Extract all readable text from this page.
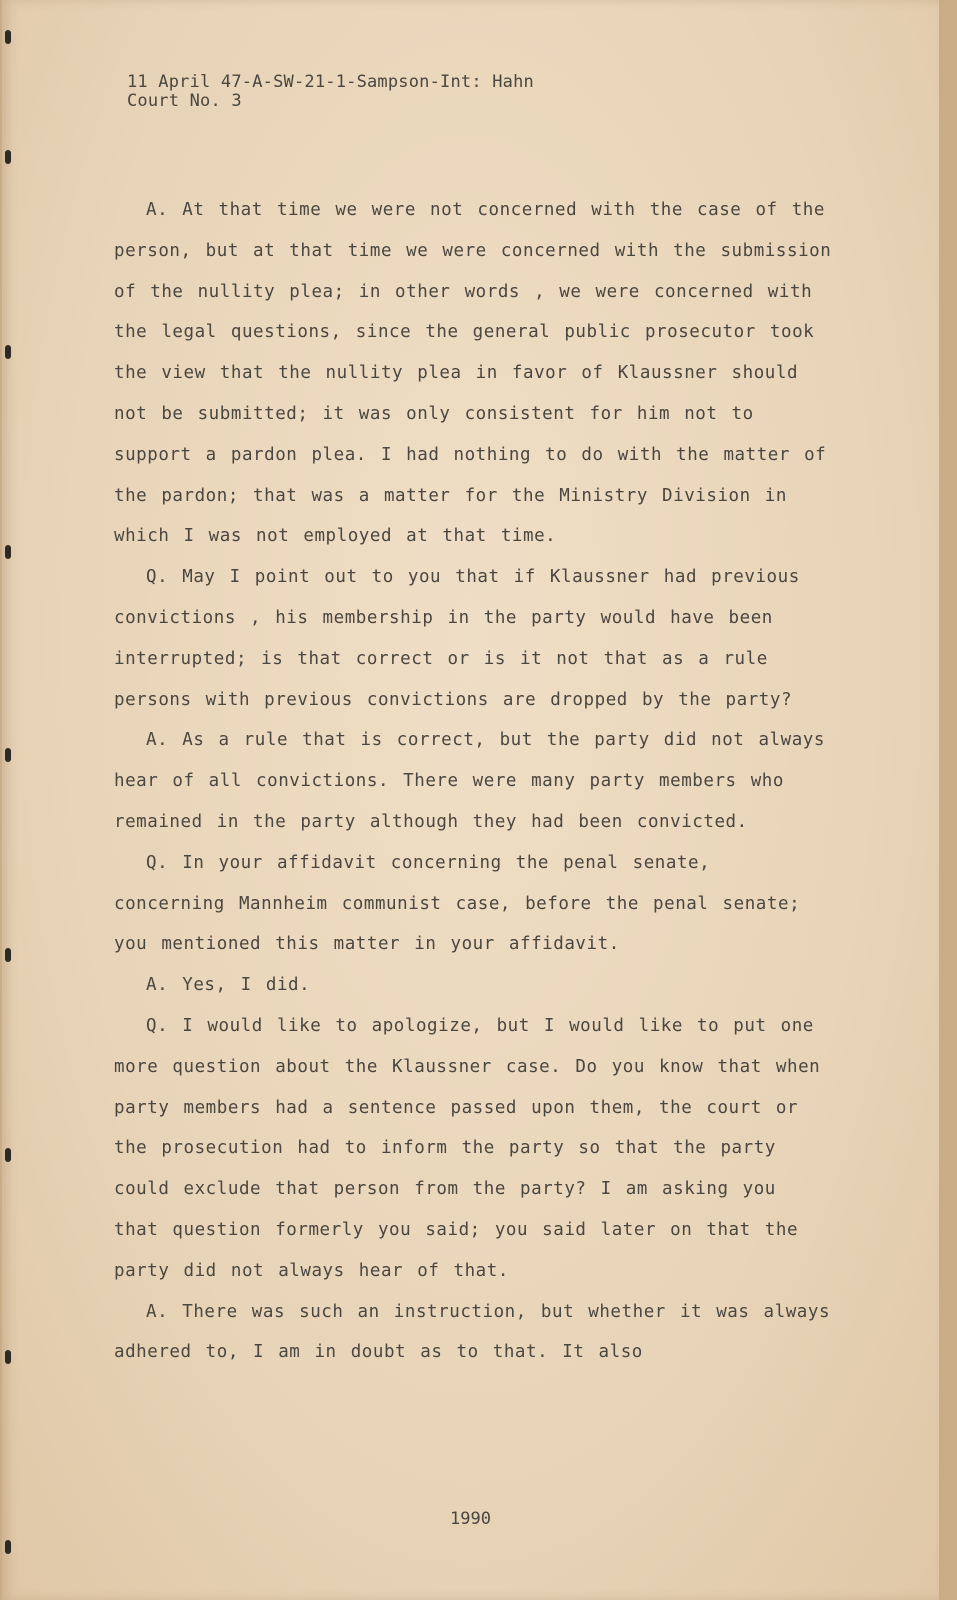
11 April 47-A-SW-21-1-Sampson-Int: Hahn
Court No. 3

A. At that time we were not concerned with the case of the person, but at that time we were concerned with the submission of the nullity plea; in other words , we were concerned with the legal questions, since the general public prosecutor took the view that the nullity plea in favor of Klaussner should not be submitted; it was only consistent for him not to support a pardon plea. I had nothing to do with the matter of the pardon; that was a matter for the Ministry Division in which I was not employed at that time.

Q. May I point out to you that if Klaussner had previous convictions , his membership in the party would have been interrupted; is that correct or is it not that as a rule persons with previous convictions are dropped by the party?

A. As a rule that is correct, but the party did not always hear of all convictions. There were many party members who remained in the party although they had been convicted.

Q. In your affidavit concerning the penal senate, concerning Mannheim communist case, before the penal senate; you mentioned this matter in your affidavit.

A. Yes, I did.

Q. I would like to apologize, but I would like to put one more question about the Klaussner case. Do you know that when party members had a sentence passed upon them, the court or the prosecution had to inform the party so that the party could exclude that person from the party? I am asking you that question formerly you said; you said later on that the party did not always hear of that.

A. There was such an instruction, but whether it was always adhered to, I am in doubt as to that. It also

1990
